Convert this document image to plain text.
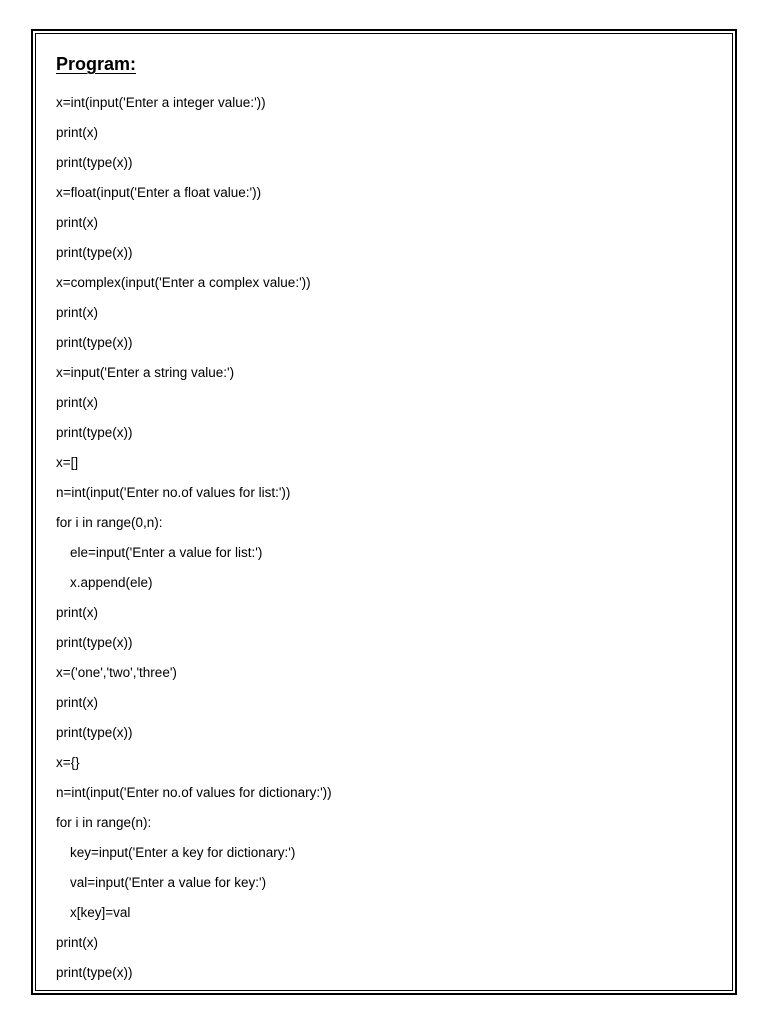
Program:
x=int(input('Enter a integer value:'))
print(x)
print(type(x))
x=float(input('Enter a float value:'))
print(x)
print(type(x))
x=complex(input('Enter a complex value:'))
print(x)
print(type(x))
x=input('Enter a string value:')
print(x)
print(type(x))
x=[]
n=int(input('Enter no.of values for list:'))
for i in range(0,n):
ele=input('Enter a value for list:')
x.append(ele)
print(x)
print(type(x))
x=('one','two','three')
print(x)
print(type(x))
x={}
n=int(input('Enter no.of values for dictionary:'))
for i in range(n):
key=input('Enter a key for dictionary:')
val=input('Enter a value for key:')
x[key]=val
print(x)
print(type(x))
